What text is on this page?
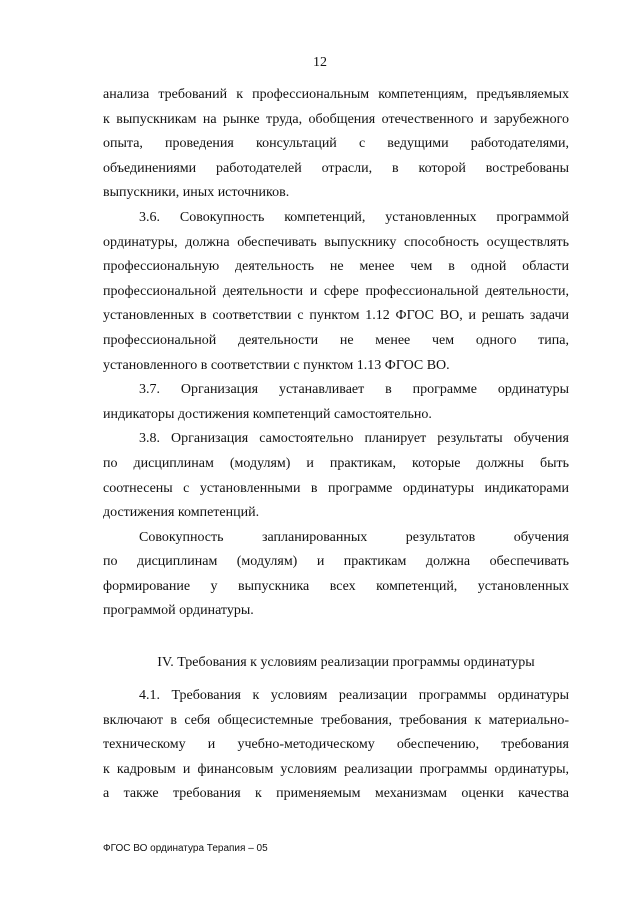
12
анализа требований к профессиональным компетенциям, предъявляемых
к выпускникам на рынке труда, обобщения отечественного и зарубежного
опыта, проведения консультаций с ведущими работодателями,
объединениями работодателей отрасли, в которой востребованы
выпускники, иных источников.
3.6. Совокупность компетенций, установленных программой
ординатуры, должна обеспечивать выпускнику способность осуществлять
профессиональную деятельность не менее чем в одной области
профессиональной деятельности и сфере профессиональной деятельности,
установленных в соответствии с пунктом 1.12 ФГОС ВО, и решать задачи
профессиональной деятельности не менее чем одного типа,
установленного в соответствии с пунктом 1.13 ФГОС ВО.
3.7. Организация устанавливает в программе ординатуры
индикаторы достижения компетенций самостоятельно.
3.8. Организация самостоятельно планирует результаты обучения
по дисциплинам (модулям) и практикам, которые должны быть
соотнесены с установленными в программе ординатуры индикаторами
достижения компетенций.
Совокупность запланированных результатов обучения
по дисциплинам (модулям) и практикам должна обеспечивать
формирование у выпускника всех компетенций, установленных
программой ординатуры.
IV. Требования к условиям реализации программы ординатуры
4.1. Требования к условиям реализации программы ординатуры
включают в себя общесистемные требования, требования к материально-
техническому и учебно-методическому обеспечению, требования
к кадровым и финансовым условиям реализации программы ординатуры,
а также требования к применяемым механизмам оценки качества
ФГОС ВО ординатура Терапия – 05
